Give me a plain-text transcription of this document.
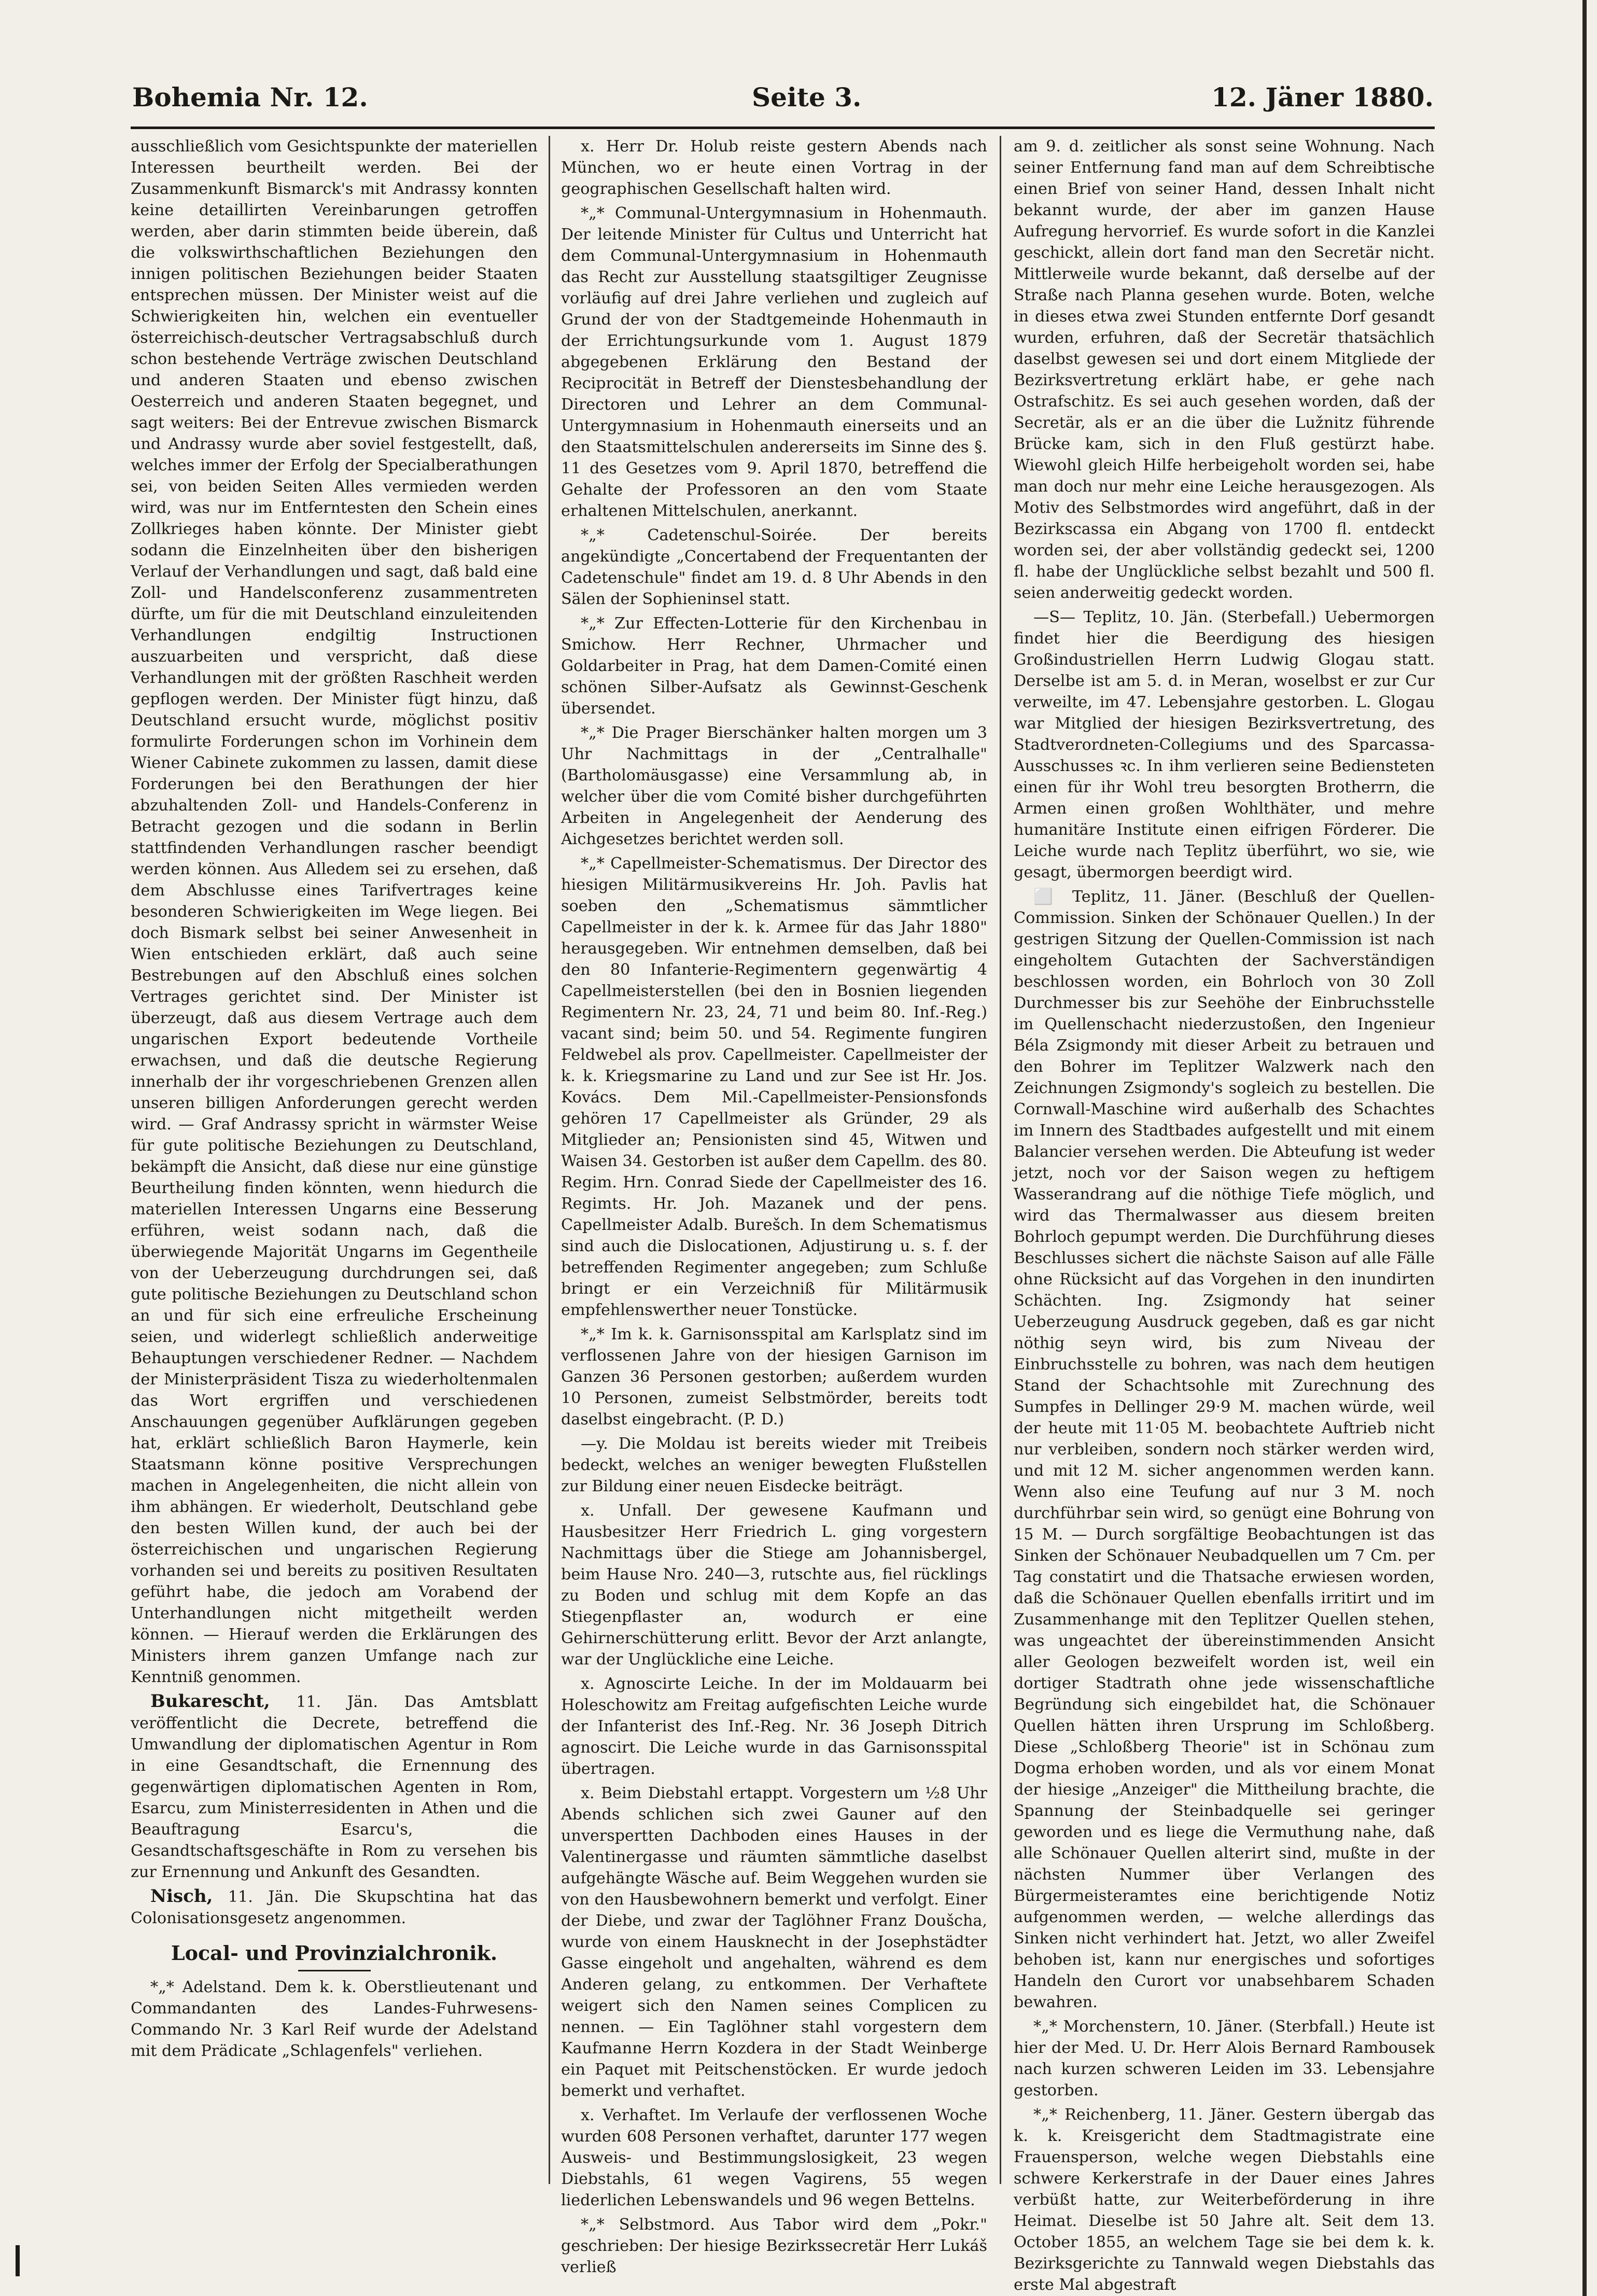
Bohemia Nr. 12.	Seite 3.	12. Jäner 1880.

ausschließlich vom Gesichtspunkte der materiellen Interessen beurtheilt werden. Bei der Zusammenkunft Bismarck's mit Andrassy konnten keine detaillirten Vereinbarungen getroffen werden, aber darin stimmten beide überein, daß die volkswirthschaftlichen Beziehungen den innigen politischen Beziehungen beider Staaten entsprechen müssen. Der Minister weist auf die Schwierigkeiten hin, welchen ein eventueller österreichisch-deutscher Vertragsabschluß durch schon bestehende Verträge zwischen Deutschland und anderen Staaten und ebenso zwischen Oesterreich und anderen Staaten begegnet, und sagt weiters: Bei der Entrevue zwischen Bismarck und Andrassy wurde aber soviel festgestellt, daß, welches immer der Erfolg der Specialberathungen sei, von beiden Seiten Alles vermieden werden wird, was nur im Entferntesten den Schein eines Zollkrieges haben könnte. Der Minister giebt sodann die Einzelnheiten über den bisherigen Verlauf der Verhandlungen und sagt, daß bald eine Zoll- und Handelsconferenz zusammentreten dürfte, um für die mit Deutschland einzuleitenden Verhandlungen endgiltig Instructionen auszuarbeiten und verspricht, daß diese Verhandlungen mit der größten Raschheit werden gepflogen werden. Der Minister fügt hinzu, daß Deutschland ersucht wurde, möglichst positiv formulirte Forderungen schon im Vorhinein dem Wiener Cabinete zukommen zu lassen, damit diese Forderungen bei den Berathungen der hier abzuhaltenden Zoll- und Handels-Conferenz in Betracht gezogen und die sodann in Berlin stattfindenden Verhandlungen rascher beendigt werden können. Aus Alledem sei zu ersehen, daß dem Abschlusse eines Tarifvertrages keine besonderen Schwierigkeiten im Wege liegen. Bei doch Bismark selbst bei seiner Anwesenheit in Wien entschieden erklärt, daß auch seine Bestrebungen auf den Abschluß eines solchen Vertrages gerichtet sind. Der Minister ist überzeugt, daß aus diesem Vertrage auch dem ungarischen Export bedeutende Vortheile erwachsen, und daß die deutsche Regierung innerhalb der ihr vorgeschriebenen Grenzen allen unseren billigen Anforderungen gerecht werden wird. — Graf Andrassy spricht in wärmster Weise für gute politische Beziehungen zu Deutschland, bekämpft die Ansicht, daß diese nur eine günstige Beurtheilung finden könnten, wenn hiedurch die materiellen Interessen Ungarns eine Besserung erführen, weist sodann nach, daß die überwiegende Majorität Ungarns im Gegentheile von der Ueberzeugung durchdrungen sei, daß gute politische Beziehungen zu Deutschland schon an und für sich eine erfreuliche Erscheinung seien, und widerlegt schließlich anderweitige Behauptungen verschiedener Redner. — Nachdem der Ministerpräsident Tisza zu wiederholtenmalen das Wort ergriffen und verschiedenen Anschauungen gegenüber Aufklärungen gegeben hat, erklärt schließlich Baron Haymerle, kein Staatsmann könne positive Versprechungen machen in Angelegenheiten, die nicht allein von ihm abhängen. Er wiederholt, Deutschland gebe den besten Willen kund, der auch bei der österreichischen und ungarischen Regierung vorhanden sei und bereits zu positiven Resultaten geführt habe, die jedoch am Vorabend der Unterhandlungen nicht mitgetheilt werden können. — Hierauf werden die Erklärungen des Ministers ihrem ganzen Umfange nach zur Kenntniß genommen.

Bukarescht, 11. Jän. Das Amtsblatt veröffentlicht die Decrete, betreffend die Umwandlung der diplomatischen Agentur in Rom in eine Gesandtschaft, die Ernennung des gegenwärtigen diplomatischen Agenten in Rom, Esarcu, zum Ministerresidenten in Athen und die Beauftragung Esarcu's, die Gesandtschaftsgeschäfte in Rom zu versehen bis zur Ernennung und Ankunft des Gesandten.

Nisch, 11. Jän. Die Skupschtina hat das Colonisationsgesetz angenommen.

Local- und Provinzialchronik.

*„* Adelstand. Dem k. k. Oberstlieutenant und Commandanten des Landes-Fuhrwesens-Commando Nr. 3 Karl Reif wurde der Adelstand mit dem Prädicate „Schlagenfels" verliehen.

x. Herr Dr. Holub reiste gestern Abends nach München, wo er heute einen Vortrag in der geographischen Gesellschaft halten wird.

*„* Communal-Untergymnasium in Hohenmauth. Der leitende Minister für Cultus und Unterricht hat dem Communal-Untergymnasium in Hohenmauth das Recht zur Ausstellung staatsgiltiger Zeugnisse vorläufig auf drei Jahre verliehen und zugleich auf Grund der von der Stadtgemeinde Hohenmauth in der Errichtungsurkunde vom 1. August 1879 abgegebenen Erklärung den Bestand der Reciprocität in Betreff der Dienstesbehandlung der Directoren und Lehrer an dem Communal-Untergymnasium in Hohenmauth einerseits und an den Staatsmittelschulen andererseits im Sinne des §. 11 des Gesetzes vom 9. April 1870, betreffend die Gehalte der Professoren an den vom Staate erhaltenen Mittelschulen, anerkannt.

*„* Cadetenschul-Soirée. Der bereits angekündigte „Concertabend der Frequentanten der Cadetenschule" findet am 19. d. 8 Uhr Abends in den Sälen der Sophieninsel statt.

*„* Zur Effecten-Lotterie für den Kirchenbau in Smichow. Herr Rechner, Uhrmacher und Goldarbeiter in Prag, hat dem Damen-Comité einen schönen Silber-Aufsatz als Gewinnst-Geschenk übersendet.

*„* Die Prager Bierschänker halten morgen um 3 Uhr Nachmittags in der „Centralhalle" (Bartholomäusgasse) eine Versammlung ab, in welcher über die vom Comité bisher durchgeführten Arbeiten in Angelegenheit der Aenderung des Aichgesetzes berichtet werden soll.

*„* Capellmeister-Schematismus. Der Director des hiesigen Militärmusikvereins Hr. Joh. Pavlis hat soeben den „Schematismus sämmtlicher Capellmeister in der k. k. Armee für das Jahr 1880" herausgegeben. Wir entnehmen demselben, daß bei den 80 Infanterie-Regimentern gegenwärtig 4 Capellmeisterstellen (bei den in Bosnien liegenden Regimentern Nr. 23, 24, 71 und beim 80. Inf.-Reg.) vacant sind; beim 50. und 54. Regimente fungiren Feldwebel als prov. Capellmeister. Capellmeister der k. k. Kriegsmarine zu Land und zur See ist Hr. Jos. Kovács. Dem Mil.-Capellmeister-Pensionsfonds gehören 17 Capellmeister als Gründer, 29 als Mitglieder an; Pensionisten sind 45, Witwen und Waisen 34. Gestorben ist außer dem Capellm. des 80. Regim. Hrn. Conrad Siede der Capellmeister des 16. Regimts. Hr. Joh. Mazanek und der pens. Capellmeister Adalb. Burešch. In dem Schematismus sind auch die Dislocationen, Adjustirung u. s. f. der betreffenden Regimenter angegeben; zum Schluße bringt er ein Verzeichniß für Militärmusik empfehlenswerther neuer Tonstücke.

*„* Im k. k. Garnisonsspital am Karlsplatz sind im verflossenen Jahre von der hiesigen Garnison im Ganzen 36 Personen gestorben; außerdem wurden 10 Personen, zumeist Selbstmörder, bereits todt daselbst eingebracht. (P. D.)

—y. Die Moldau ist bereits wieder mit Treibeis bedeckt, welches an weniger bewegten Flußstellen zur Bildung einer neuen Eisdecke beiträgt.

x. Unfall. Der gewesene Kaufmann und Hausbesitzer Herr Friedrich L. ging vorgestern Nachmittags über die Stiege am Johannisbergel, beim Hause Nro. 240—3, rutschte aus, fiel rücklings zu Boden und schlug mit dem Kopfe an das Stiegenpflaster an, wodurch er eine Gehirnerschütterung erlitt. Bevor der Arzt anlangte, war der Unglückliche eine Leiche.

x. Agnoscirte Leiche. In der im Moldauarm bei Holeschowitz am Freitag aufgefischten Leiche wurde der Infanterist des Inf.-Reg. Nr. 36 Joseph Ditrich agnoscirt. Die Leiche wurde in das Garnisonsspital übertragen.

x. Beim Diebstahl ertappt. Vorgestern um ½8 Uhr Abends schlichen sich zwei Gauner auf den unverspertten Dachboden eines Hauses in der Valentinergasse und räumten sämmtliche daselbst aufgehängte Wäsche auf. Beim Weggehen wurden sie von den Hausbewohnern bemerkt und verfolgt. Einer der Diebe, und zwar der Taglöhner Franz Doušcha, wurde von einem Hausknecht in der Josephstädter Gasse eingeholt und angehalten, während es dem Anderen gelang, zu entkommen. Der Verhaftete weigert sich den Namen seines Complicen zu nennen. — Ein Taglöhner stahl vorgestern dem Kaufmanne Herrn Kozdera in der Stadt Weinberge ein Paquet mit Peitschenstöcken. Er wurde jedoch bemerkt und verhaftet.

x. Verhaftet. Im Verlaufe der verflossenen Woche wurden 608 Personen verhaftet, darunter 177 wegen Ausweis- und Bestimmungslosigkeit, 23 wegen Diebstahls, 61 wegen Vagirens, 55 wegen liederlichen Lebenswandels und 96 wegen Bettelns.

*„* Selbstmord. Aus Tabor wird dem „Pokr." geschrieben: Der hiesige Bezirkssecretär Herr Lukáš verließ

am 9. d. zeitlicher als sonst seine Wohnung. Nach seiner Entfernung fand man auf dem Schreibtische einen Brief von seiner Hand, dessen Inhalt nicht bekannt wurde, der aber im ganzen Hause Aufregung hervorrief. Es wurde sofort in die Kanzlei geschickt, allein dort fand man den Secretär nicht. Mittlerweile wurde bekannt, daß derselbe auf der Straße nach Planna gesehen wurde. Boten, welche in dieses etwa zwei Stunden entfernte Dorf gesandt wurden, erfuhren, daß der Secretär thatsächlich daselbst gewesen sei und dort einem Mitgliede der Bezirksvertretung erklärt habe, er gehe nach Ostrafschitz. Es sei auch gesehen worden, daß der Secretär, als er an die über die Lužnitz führende Brücke kam, sich in den Fluß gestürzt habe. Wiewohl gleich Hilfe herbeigeholt worden sei, habe man doch nur mehr eine Leiche herausgezogen. Als Motiv des Selbstmordes wird angeführt, daß in der Bezirkscassa ein Abgang von 1700 fl. entdeckt worden sei, der aber vollständig gedeckt sei, 1200 fl. habe der Unglückliche selbst bezahlt und 500 fl. seien anderweitig gedeckt worden.

—S— Teplitz, 10. Jän. (Sterbefall.) Uebermorgen findet hier die Beerdigung des hiesigen Großindustriellen Herrn Ludwig Glogau statt. Derselbe ist am 5. d. in Meran, woselbst er zur Cur verweilte, im 47. Lebensjahre gestorben. L. Glogau war Mitglied der hiesigen Bezirksvertretung, des Stadtverordneten-Collegiums und des Sparcassa-Ausschusses ꝛc. In ihm verlieren seine Bediensteten einen für ihr Wohl treu besorgten Brotherrn, die Armen einen großen Wohlthäter, und mehre humanitäre Institute einen eifrigen Förderer. Die Leiche wurde nach Teplitz überführt, wo sie, wie gesagt, übermorgen beerdigt wird.

⬜ Teplitz, 11. Jäner. (Beschluß der Quellen-Commission. Sinken der Schönauer Quellen.) In der gestrigen Sitzung der Quellen-Commission ist nach eingeholtem Gutachten der Sachverständigen beschlossen worden, ein Bohrloch von 30 Zoll Durchmesser bis zur Seehöhe der Einbruchsstelle im Quellenschacht niederzustoßen, den Ingenieur Béla Zsigmondy mit dieser Arbeit zu betrauen und den Bohrer im Teplitzer Walzwerk nach den Zeichnungen Zsigmondy's sogleich zu bestellen. Die Cornwall-Maschine wird außerhalb des Schachtes im Innern des Stadtbades aufgestellt und mit einem Balancier versehen werden. Die Abteufung ist weder jetzt, noch vor der Saison wegen zu heftigem Wasserandrang auf die nöthige Tiefe möglich, und wird das Thermalwasser aus diesem breiten Bohrloch gepumpt werden. Die Durchführung dieses Beschlusses sichert die nächste Saison auf alle Fälle ohne Rücksicht auf das Vorgehen in den inundirten Schächten. Ing. Zsigmondy hat seiner Ueberzeugung Ausdruck gegeben, daß es gar nicht nöthig seyn wird, bis zum Niveau der Einbruchsstelle zu bohren, was nach dem heutigen Stand der Schachtsohle mit Zurechnung des Sumpfes in Dellinger 29·9 M. machen würde, weil der heute mit 11·05 M. beobachtete Auftrieb nicht nur verbleiben, sondern noch stärker werden wird, und mit 12 M. sicher angenommen werden kann. Wenn also eine Teufung auf nur 3 M. noch durchführbar sein wird, so genügt eine Bohrung von 15 M. — Durch sorgfältige Beobachtungen ist das Sinken der Schönauer Neubadquellen um 7 Cm. per Tag constatirt und die Thatsache erwiesen worden, daß die Schönauer Quellen ebenfalls irritirt und im Zusammenhange mit den Teplitzer Quellen stehen, was ungeachtet der übereinstimmenden Ansicht aller Geologen bezweifelt worden ist, weil ein dortiger Stadtrath ohne jede wissenschaftliche Begründung sich eingebildet hat, die Schönauer Quellen hätten ihren Ursprung im Schloßberg. Diese „Schloßberg Theorie" ist in Schönau zum Dogma erhoben worden, und als vor einem Monat der hiesige „Anzeiger" die Mittheilung brachte, die Spannung der Steinbadquelle sei geringer geworden und es liege die Vermuthung nahe, daß alle Schönauer Quellen alterirt sind, mußte in der nächsten Nummer über Verlangen des Bürgermeisteramtes eine berichtigende Notiz aufgenommen werden, — welche allerdings das Sinken nicht verhindert hat. Jetzt, wo aller Zweifel behoben ist, kann nur energisches und sofortiges Handeln den Curort vor unabsehbarem Schaden bewahren.

*„* Morchenstern, 10. Jäner. (Sterbfall.) Heute ist hier der Med. U. Dr. Herr Alois Bernard Rambousek nach kurzen schweren Leiden im 33. Lebensjahre gestorben.

*„* Reichenberg, 11. Jäner. Gestern übergab das k. k. Kreisgericht dem Stadtmagistrate eine Frauensperson, welche wegen Diebstahls eine schwere Kerkerstrafe in der Dauer eines Jahres verbüßt hatte, zur Weiterbeförderung in ihre Heimat. Dieselbe ist 50 Jahre alt. Seit dem 13. October 1855, an welchem Tage sie bei dem k. k. Bezirksgerichte zu Tannwald wegen Diebstahls das erste Mal abgestraft
